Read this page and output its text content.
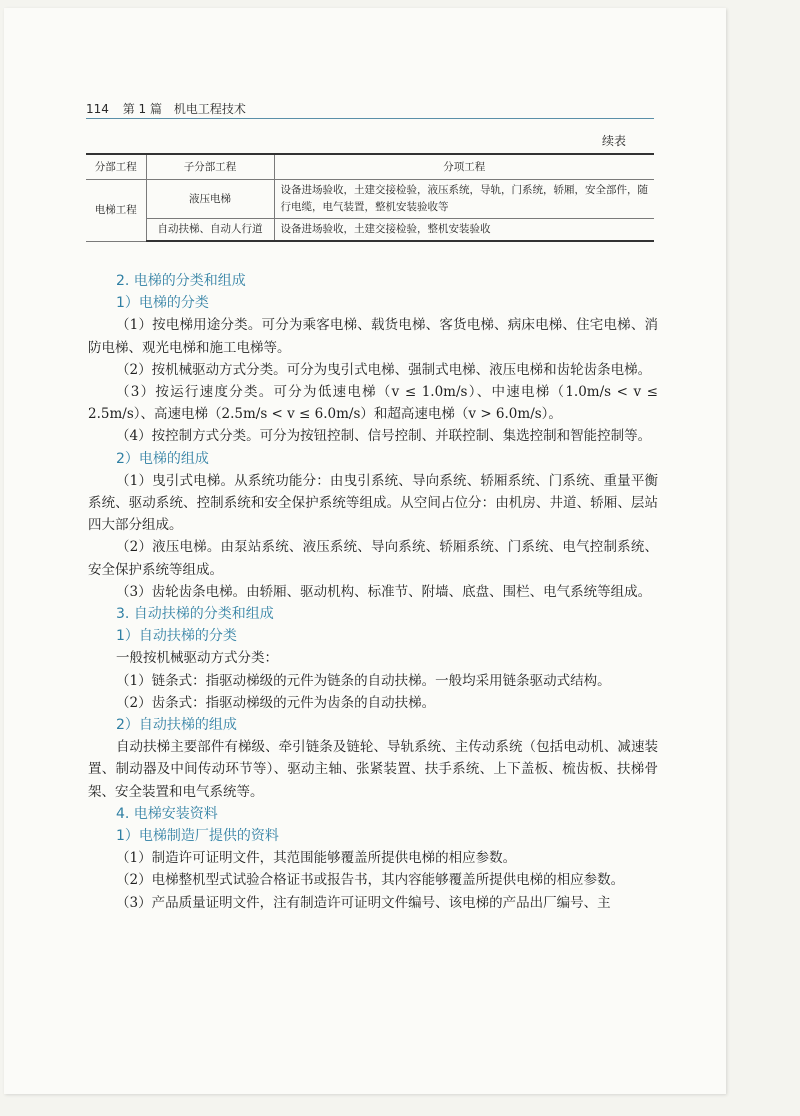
114 第 1 篇 机电工程技术
续表
分部工程	子分部工程	分项工程
电梯工程	液压电梯	设备进场验收，土建交接检验，液压系统，导轨，门系统，轿厢，安全部件，随行电缆，电气装置，整机安装验收等
	自动扶梯、自动人行道	设备进场验收，土建交接检验，整机安装验收
2. 电梯的分类和组成
1）电梯的分类

（1）按电梯用途分类。可分为乘客电梯、载货电梯、客货电梯、病床电梯、住宅电梯、消防电梯、观光电梯和施工电梯等。

（2）按机械驱动方式分类。可分为曳引式电梯、强制式电梯、液压电梯和齿轮齿条电梯。

（3）按运行速度分类。可分为低速电梯（v ≤ 1.0m/s）、中速电梯（1.0m/s < v ≤ 2.5m/s）、高速电梯（2.5m/s < v ≤ 6.0m/s）和超高速电梯（v > 6.0m/s）。

（4）按控制方式分类。可分为按钮控制、信号控制、并联控制、集选控制和智能控制等。

2）电梯的组成

（1）曳引式电梯。从系统功能分：由曳引系统、导向系统、轿厢系统、门系统、重量平衡系统、驱动系统、控制系统和安全保护系统等组成。从空间占位分：由机房、井道、轿厢、层站四大部分组成。

（2）液压电梯。由泵站系统、液压系统、导向系统、轿厢系统、门系统、电气控制系统、安全保护系统等组成。

（3）齿轮齿条电梯。由轿厢、驱动机构、标准节、附墙、底盘、围栏、电气系统等组成。

3. 自动扶梯的分类和组成
1）自动扶梯的分类

一般按机械驱动方式分类：

（1）链条式：指驱动梯级的元件为链条的自动扶梯。一般均采用链条驱动式结构。

（2）齿条式：指驱动梯级的元件为齿条的自动扶梯。

2）自动扶梯的组成

自动扶梯主要部件有梯级、牵引链条及链轮、导轨系统、主传动系统（包括电动机、减速装置、制动器及中间传动环节等）、驱动主轴、张紧装置、扶手系统、上下盖板、梳齿板、扶梯骨架、安全装置和电气系统等。

4. 电梯安装资料
1）电梯制造厂提供的资料

（1）制造许可证明文件，其范围能够覆盖所提供电梯的相应参数。

（2）电梯整机型式试验合格证书或报告书，其内容能够覆盖所提供电梯的相应参数。

（3）产品质量证明文件，注有制造许可证明文件编号、该电梯的产品出厂编号、主
